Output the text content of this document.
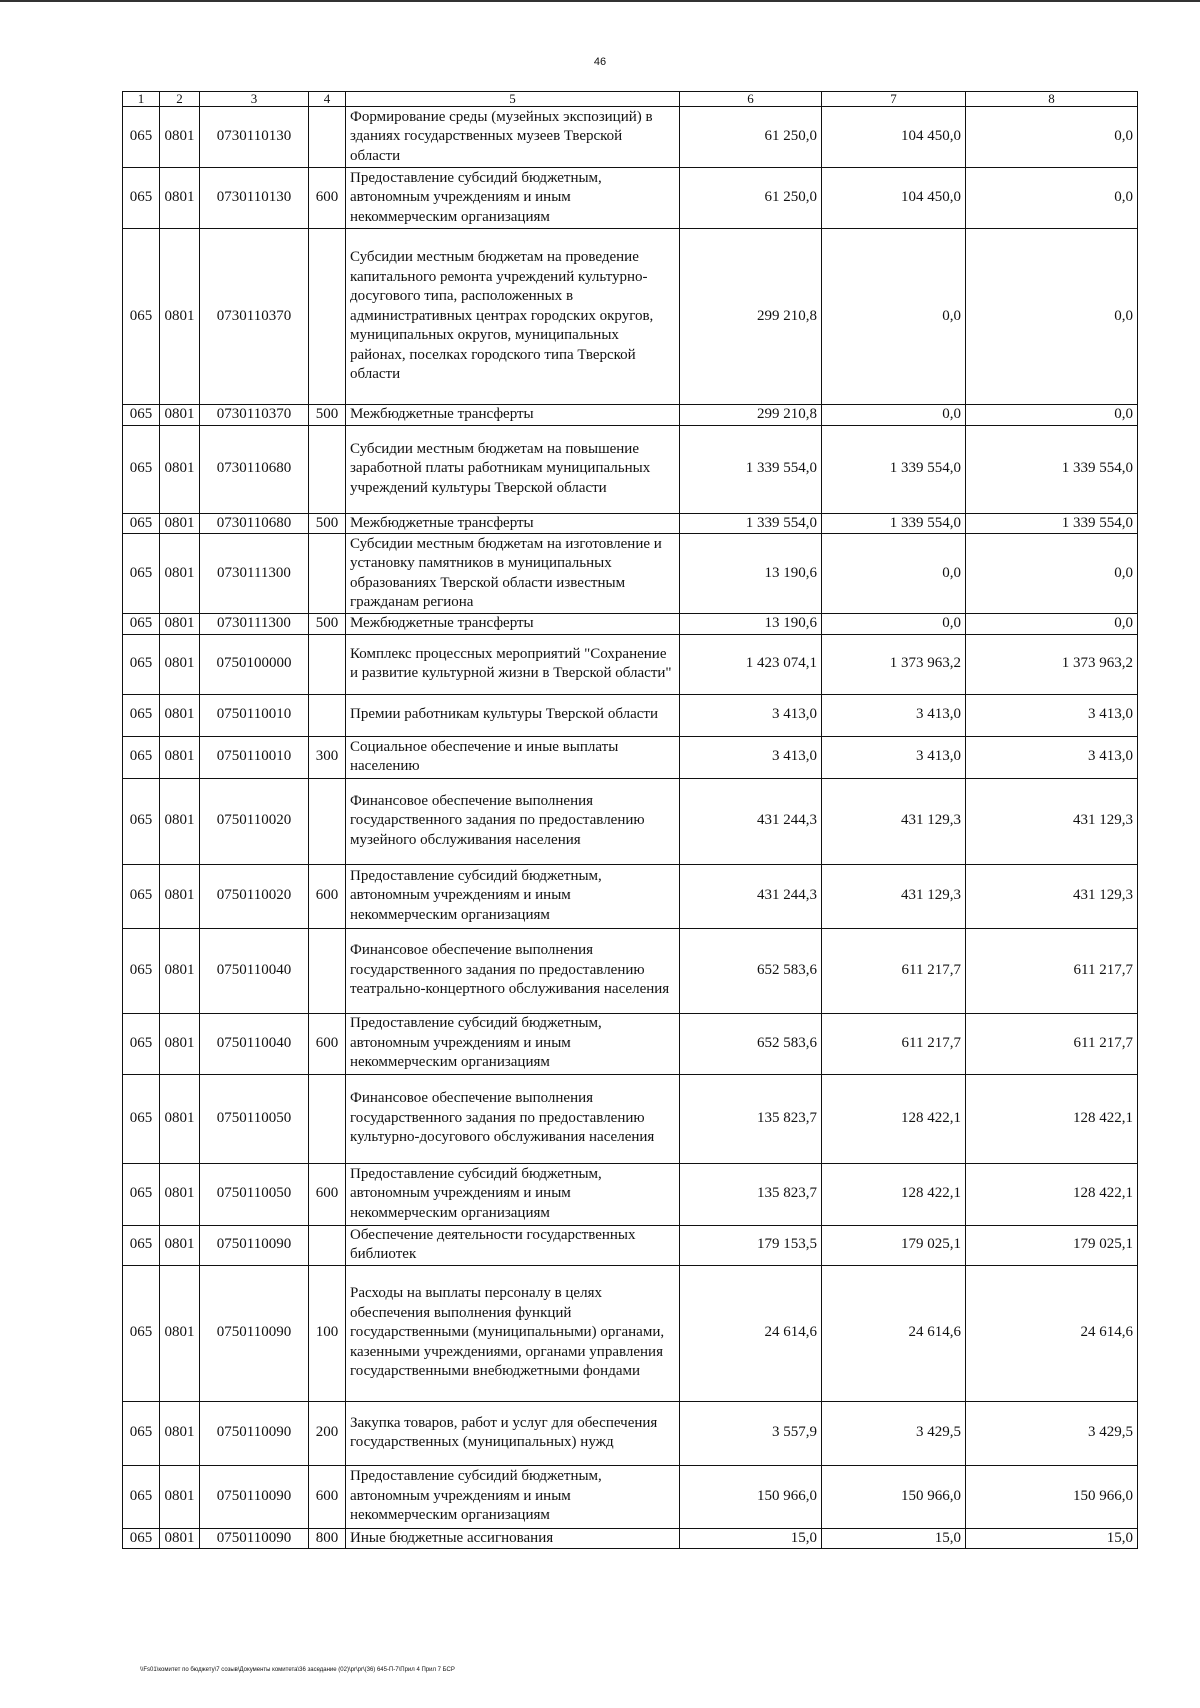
46
1	2	3	4	5	6	7	8
065	0801	0730110130		Формирование среды (музейных экспозиций) в зданиях государственных музеев Тверской области	61 250,0	104 450,0	0,0
065	0801	0730110130	600	Предоставление субсидий бюджетным, автономным учреждениям и иным некоммерческим организациям	61 250,0	104 450,0	0,0
065	0801	0730110370		Субсидии местным бюджетам на проведение капитального ремонта учреждений культурно-досугового типа, расположенных в административных центрах городских округов, муниципальных округов, муниципальных районах, поселках городского типа Тверской области	299 210,8	0,0	0,0
065	0801	0730110370	500	Межбюджетные трансферты	299 210,8	0,0	0,0
065	0801	0730110680		Субсидии местным бюджетам на повышение заработной платы работникам муниципальных учреждений культуры Тверской области	1 339 554,0	1 339 554,0	1 339 554,0
065	0801	0730110680	500	Межбюджетные трансферты	1 339 554,0	1 339 554,0	1 339 554,0
065	0801	0730111300		Субсидии местным бюджетам на изготовление и установку памятников в муниципальных образованиях Тверской области известным гражданам региона	13 190,6	0,0	0,0
065	0801	0730111300	500	Межбюджетные трансферты	13 190,6	0,0	0,0
065	0801	0750100000		Комплекс процессных мероприятий "Сохранение и развитие культурной жизни в Тверской области"	1 423 074,1	1 373 963,2	1 373 963,2
065	0801	0750110010		Премии работникам культуры Тверской области	3 413,0	3 413,0	3 413,0
065	0801	0750110010	300	Социальное обеспечение и иные выплаты населению	3 413,0	3 413,0	3 413,0
065	0801	0750110020		Финансовое обеспечение выполнения государственного задания по предоставлению музейного обслуживания населения	431 244,3	431 129,3	431 129,3
065	0801	0750110020	600	Предоставление субсидий бюджетным, автономным учреждениям и иным некоммерческим организациям	431 244,3	431 129,3	431 129,3
065	0801	0750110040		Финансовое обеспечение выполнения государственного задания по предоставлению театрально-концертного обслуживания населения	652 583,6	611 217,7	611 217,7
065	0801	0750110040	600	Предоставление субсидий бюджетным, автономным учреждениям и иным некоммерческим организациям	652 583,6	611 217,7	611 217,7
065	0801	0750110050		Финансовое обеспечение выполнения государственного задания по предоставлению культурно-досугового обслуживания населения	135 823,7	128 422,1	128 422,1
065	0801	0750110050	600	Предоставление субсидий бюджетным, автономным учреждениям и иным некоммерческим организациям	135 823,7	128 422,1	128 422,1
065	0801	0750110090		Обеспечение деятельности государственных библиотек	179 153,5	179 025,1	179 025,1
065	0801	0750110090	100	Расходы на выплаты персоналу в целях обеспечения выполнения функций государственными (муниципальными) органами, казенными учреждениями, органами управления государственными внебюджетными фондами	24 614,6	24 614,6	24 614,6
065	0801	0750110090	200	Закупка товаров, работ и услуг для обеспечения государственных (муниципальных) нужд	3 557,9	3 429,5	3 429,5
065	0801	0750110090	600	Предоставление субсидий бюджетным, автономным учреждениям и иным некоммерческим организациям	150 966,0	150 966,0	150 966,0
065	0801	0750110090	800	Иные бюджетные ассигнования	15,0	15,0	15,0
\\Fs01\комитет по бюджету\7 созыв\Документы комитета\36 заседание (02)\pr\pr\(36) 645-П-7\Прил 4 Прил 7 БСР
